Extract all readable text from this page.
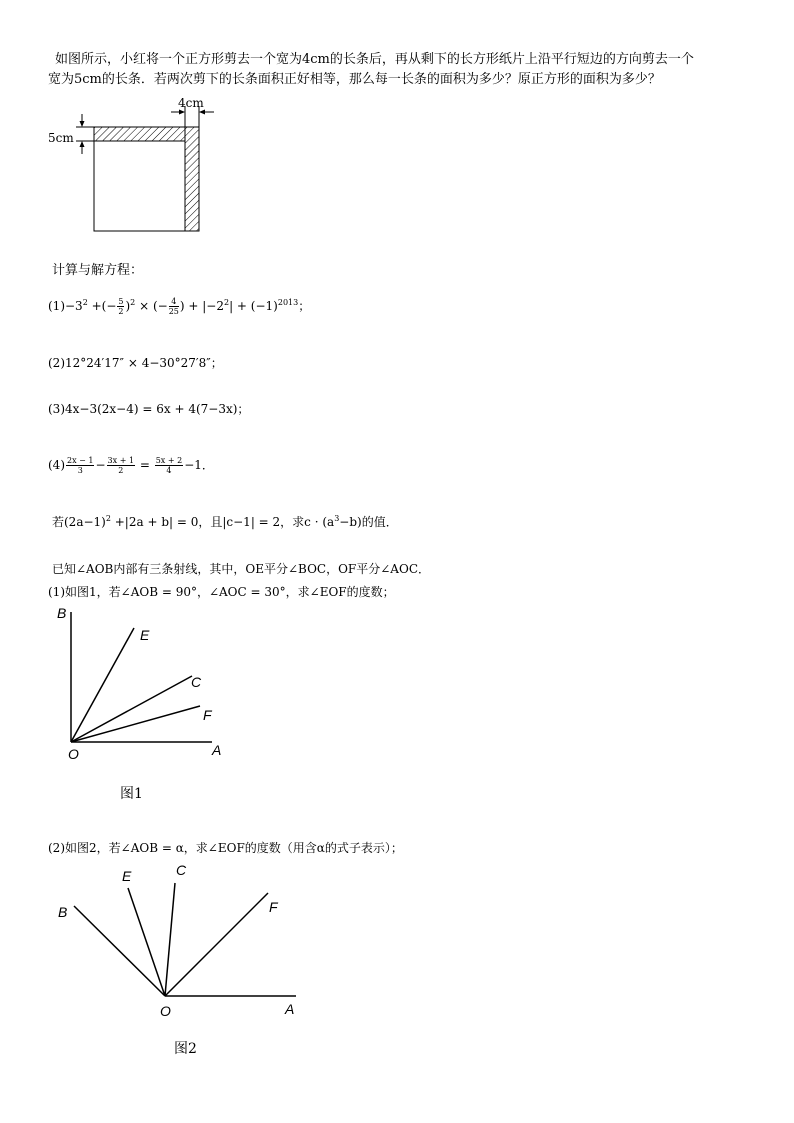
如图所示，小红将一个正方形剪去一个宽为4cm的长条后，再从剩下的长方形纸片上沿平行短边的方向剪去一个
宽为5cm的长条．若两次剪下的长条面积正好相等，那么每一长条的面积为多少？原正方形的面积为多少？
4cm
5cm
计算与解方程：
$(1)-3^2$ +(− $\frac{5}{2} )^2$ × (− $\frac{4}{25}$ ) + $|-2^2| + (-1)^{2013}$；
(2)12°24′17″ × 4−30°27′8″；
(3)4x−3(2x−4) = 6x + 4(7−3x)；
$(4) \frac{2x - 1}{3} - \frac{3x + 1}{2} = \frac{5x + 2}{4} -1$．
若$(2a-1)^2 +|2a + b| = 0$，且|c−1| = 2，求$c \cdot (a^3-b)$的值．
已知∠AOB内部有三条射线，其中，OE平分∠BOC，OF平分∠AOC．
(1)如图1，若∠AOB = 90°，∠AOC = 30°，求∠EOF的度数；
B
E
C
F
O	A
图1
(2)如图2，若∠AOB = α，求∠EOF的度数（用含α的式子表示）；
B
E	C
F
O	A
图2
